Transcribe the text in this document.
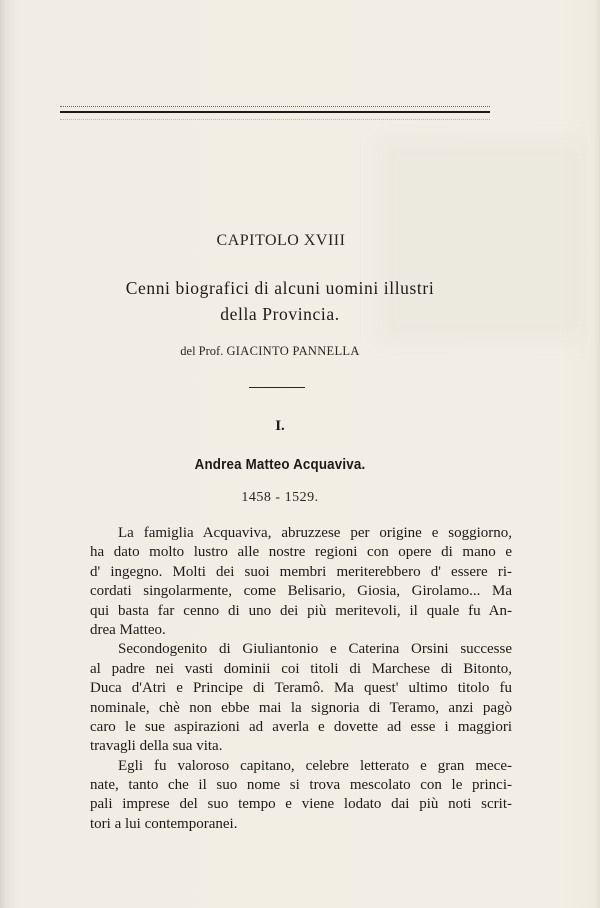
CAPITOLO XVIII
Cenni biografici di alcuni uomini illustri
della Provincia.
del Prof. GIACINTO PANNELLA
I.
Andrea Matteo Acquaviva.
1458 - 1529.
La famiglia Acquaviva, abruzzese per origine e soggiorno,
ha dato molto lustro alle nostre regioni con opere di mano e
d' ingegno. Molti dei suoi membri meriterebbero d' essere ri-
cordati singolarmente, come Belisario, Giosia, Girolamo... Ma
qui basta far cenno di uno dei più meritevoli, il quale fu An-
drea Matteo.
Secondogenito di Giuliantonio e Caterina Orsini successe
al padre nei vasti dominii coi titoli di Marchese di Bitonto,
Duca d'Atri e Principe di Teramô. Ma quest' ultimo titolo fu
nominale, chè non ebbe mai la signoria di Teramo, anzi pagò
caro le sue aspirazioni ad averla e dovette ad esse i maggiori
travagli della sua vita.
Egli fu valoroso capitano, celebre letterato e gran mece-
nate, tanto che il suo nome si trova mescolato con le princi-
pali imprese del suo tempo e viene lodato dai più noti scrit-
tori a lui contemporanei.
